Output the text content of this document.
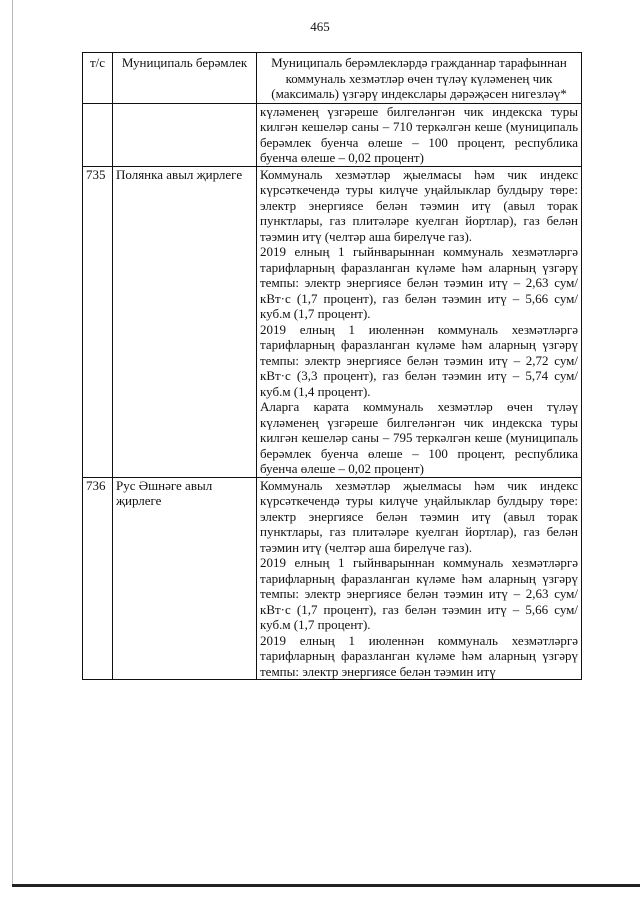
465
т/с	Муниципаль берәмлек	Муниципаль берәмлекләрдә гражданнар тарафыннан коммуналь хезмәтләр өчен түләү күләменең чик (максималь) үзгәрү индекслары дәрәҗәсен нигезләү*
		күләменең үзгәреше билгеләнгән чик индекска туры килгән кешеләр саны – 710 теркәлгән кеше (муниципаль берәмлек буенча өлеше – 100 процент, республика буенча өлеше – 0,02 процент)
735	Полянка авыл җирлеге	Коммуналь хезмәтләр җыелмасы һәм чик индекс күрсәткечендә туры килүче уңайлыклар булдыру төре: электр энергиясе белән тәэмин итү (авыл торак пунктлары, газ плитәләре куелган йортлар), газ белән тәэмин итү (челтәр аша бирелүче газ).

2019 елның 1 гыйнварыннан коммуналь хезмәтләргә тарифларның фаразланган күләме һәм аларның үзгәрү темпы: электр энергиясе белән тәэмин итү – 2,63 сум/кВт·с (1,7 процент), газ белән тәэмин итү – 5,66 сум/куб.м (1,7 процент).

2019 елның 1 июленнән коммуналь хезмәтләргә тарифларның фаразланган күләме һәм аларның үзгәрү темпы: электр энергиясе белән тәэмин итү – 2,72 сум/кВт·с (3,3 процент), газ белән тәэмин итү – 5,74 сум/куб.м (1,4 процент).

Аларга карата коммуналь хезмәтләр өчен түләү күләменең үзгәреше билгеләнгән чик индекска туры килгән кешеләр саны – 795 теркәлгән кеше (муниципаль берәмлек буенча өлеше – 100 процент, республика буенча өлеше – 0,02 процент)

736	Рус Әшнәге авыл җирлеге	Коммуналь хезмәтләр җыелмасы һәм чик индекс күрсәткечендә туры килүче уңайлыклар булдыру төре: электр энергиясе белән тәэмин итү (авыл торак пунктлары, газ плитәләре куелган йортлар), газ белән тәэмин итү (челтәр аша бирелүче газ).

2019 елның 1 гыйнварыннан коммуналь хезмәтләргә тарифларның фаразланган күләме һәм аларның үзгәрү темпы: электр энергиясе белән тәэмин итү – 2,63 сум/кВт·с (1,7 процент), газ белән тәэмин итү – 5,66 сум/куб.м (1,7 процент).

2019 елның 1 июленнән коммуналь хезмәтләргә тарифларның фаразланган күләме һәм аларның үзгәрү темпы: электр энергиясе белән тәэмин итү
